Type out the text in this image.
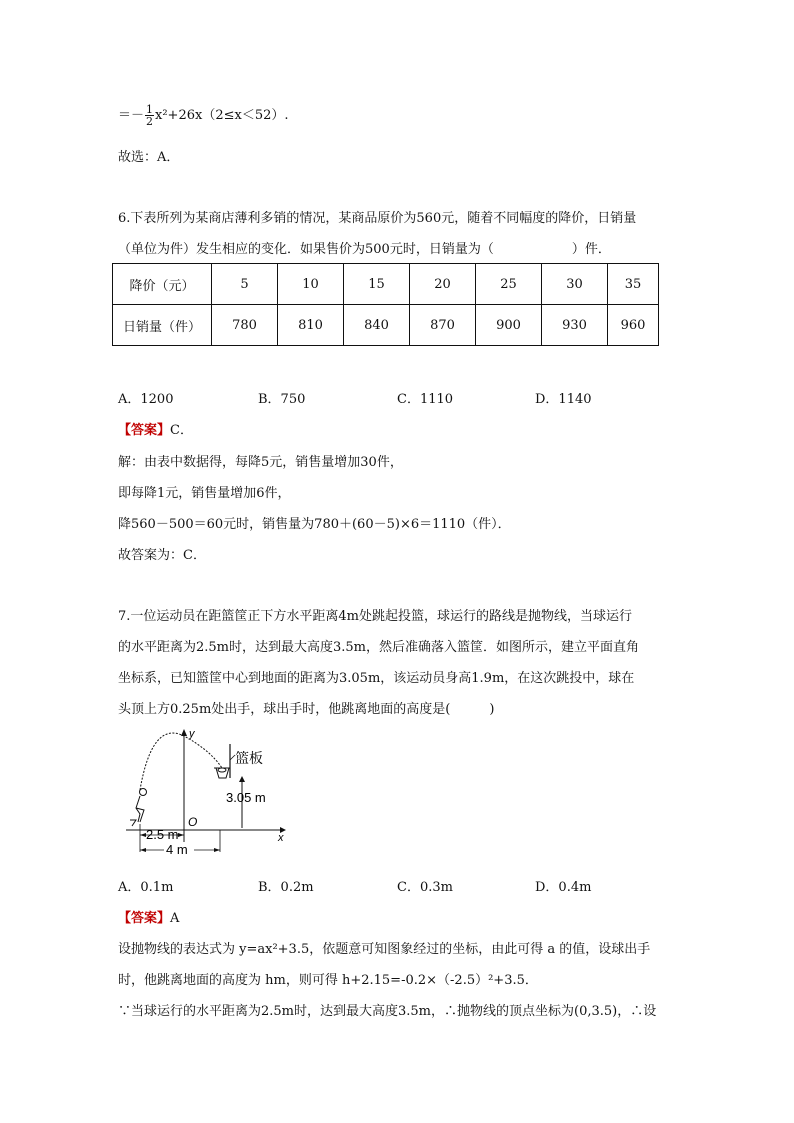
＝－ $\frac{1}{2} x^2+26x(2\le x<52)$.
故选：A．
6.下表所列为某商店薄利多销的情况，某商品原价为560元，随着不同幅度的降价，日销量
（单位为件）发生相应的变化．如果售价为500元时，日销量为（　　　　　　）件．
降价（元）	5	10	15	20	25	30	35
日销量（件）	780	810	840	870	900	930	960
A．1200	B．750	C．1110	D．1140
【答案】C．
解：由表中数据得，每降5元，销售量增加30件，
即每降1元，销售量增加6件，
降560－500＝60元时，销售量为780＋(60－5)×6＝1110（件）．
故答案为：C．
7.一位运动员在距篮筐正下方水平距离4m处跳起投篮，球运行的路线是抛物线，当球运行
的水平距离为2.5m时，达到最大高度3.5m，然后准确落入篮筐．如图所示，建立平面直角
坐标系，已知篮筐中心到地面的距离为3.05m，该运动员身高1.9m，在这次跳投中，球在
头顶上方0.25m处出手，球出手时，他跳离地面的高度是(　　　)
x
y
O
篮板
3.05 m
2.5 m
4 m
A．0.1m	B．0.2m	C．0.3m	D．0.4m
【答案】A
设抛物线的表达式为 y=ax²+3.5，依题意可知图象经过的坐标，由此可得 a 的值，设球出手
时，他跳离地面的高度为 hm，则可得 h+2.15=-0.2×（-2.5）²+3.5．
∵当球运行的水平距离为2.5m时，达到最大高度3.5m，∴抛物线的顶点坐标为(0,3.5)，∴设
